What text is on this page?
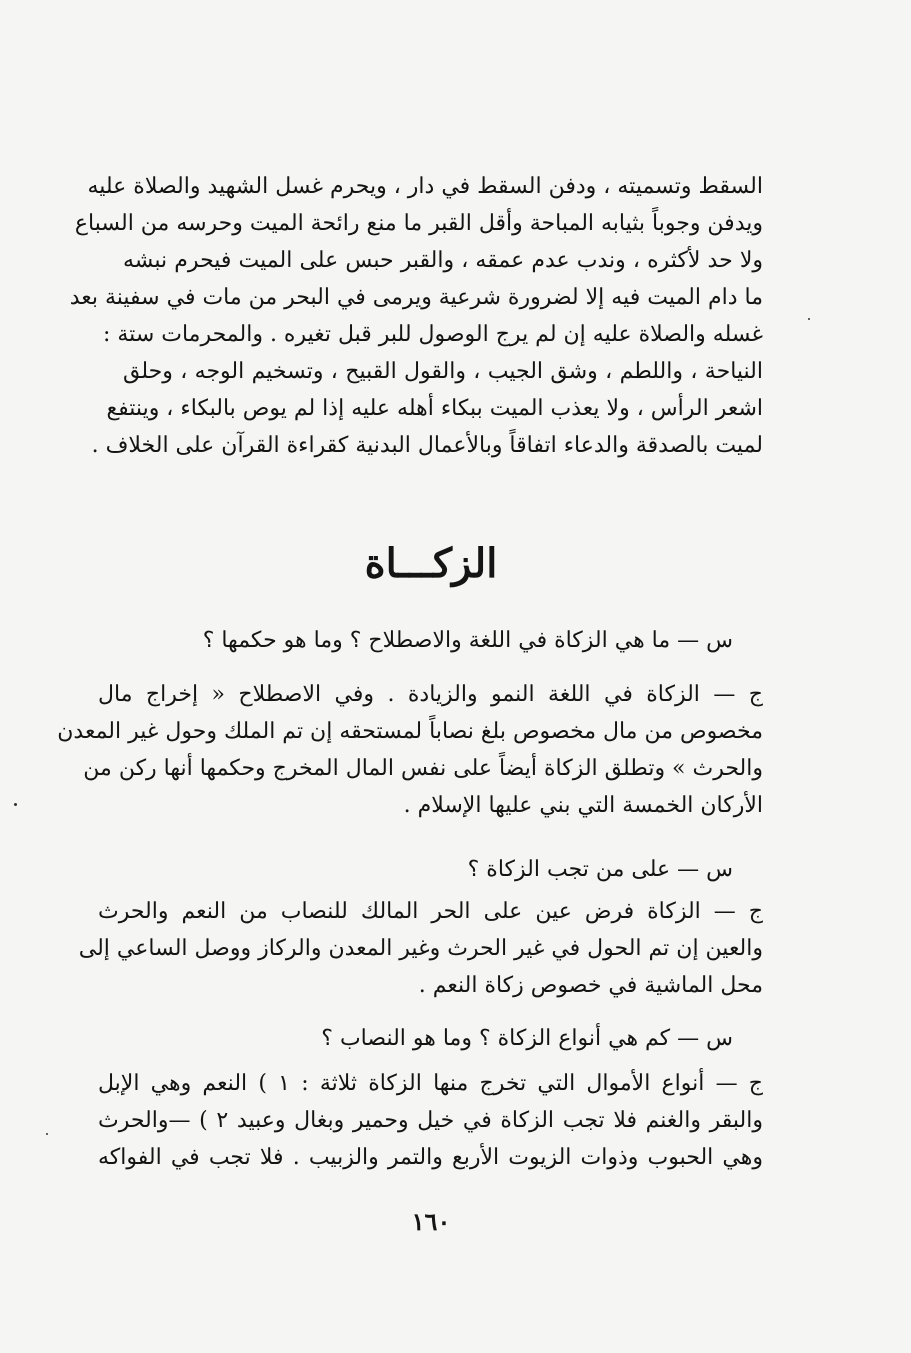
السقط وتسميته ، ودفن السقط في دار ، ويحرم غسل الشهيد والصلاة عليه
ويدفن وجوباً بثيابه المباحة وأقل القبر ما منع رائحة الميت وحرسه من السباع
ولا حد لأكثره ، وندب عدم عمقه ، والقبر حبس على الميت فيحرم نبشه
ما دام الميت فيه إلا لضرورة شرعية ويرمى في البحر من مات في سفينة بعد
غسله والصلاة عليه إن لم يرج الوصول للبر قبل تغيره . والمحرمات ستة :
النياحة ، واللطم ، وشق الجيب ، والقول القبيح ، وتسخيم الوجه ، وحلق
اشعر الرأس ، ولا يعذب الميت ببكاء أهله عليه إذا لم يوص بالبكاء ، وينتفع
لميت بالصدقة والدعاء اتفاقاً وبالأعمال البدنية كقراءة القرآن على الخلاف .
الزكـــاة
س — ما هي الزكاة في اللغة والاصطلاح ؟ وما هو حكمها ؟
ج — الزكاة في اللغة النمو والزيادة . وفي الاصطلاح « إخراج مال
مخصوص من مال مخصوص بلغ نصاباً لمستحقه إن تم الملك وحول غير المعدن
والحرث » وتطلق الزكاة أيضاً على نفس المال المخرج وحكمها أنها ركن من
الأركان الخمسة التي بني عليها الإسلام .
س — على من تجب الزكاة ؟
ج — الزكاة فرض عين على الحر المالك للنصاب من النعم والحرث
والعين إن تم الحول في غير الحرث وغير المعدن والركاز ووصل الساعي إلى
محل الماشية في خصوص زكاة النعم .
س — كم هي أنواع الزكاة ؟ وما هو النصاب ؟
ج — أنواع الأموال التي تخرج منها الزكاة ثلاثة : ١ ) النعم وهي الإبل
والبقر والغنم فلا تجب الزكاة في خيل وحمير وبغال وعبيد ٢ ) —والحرث
وهي الحبوب وذوات الزيوت الأربع والتمر والزبيب . فلا تجب في الفواكه
١٦٠
